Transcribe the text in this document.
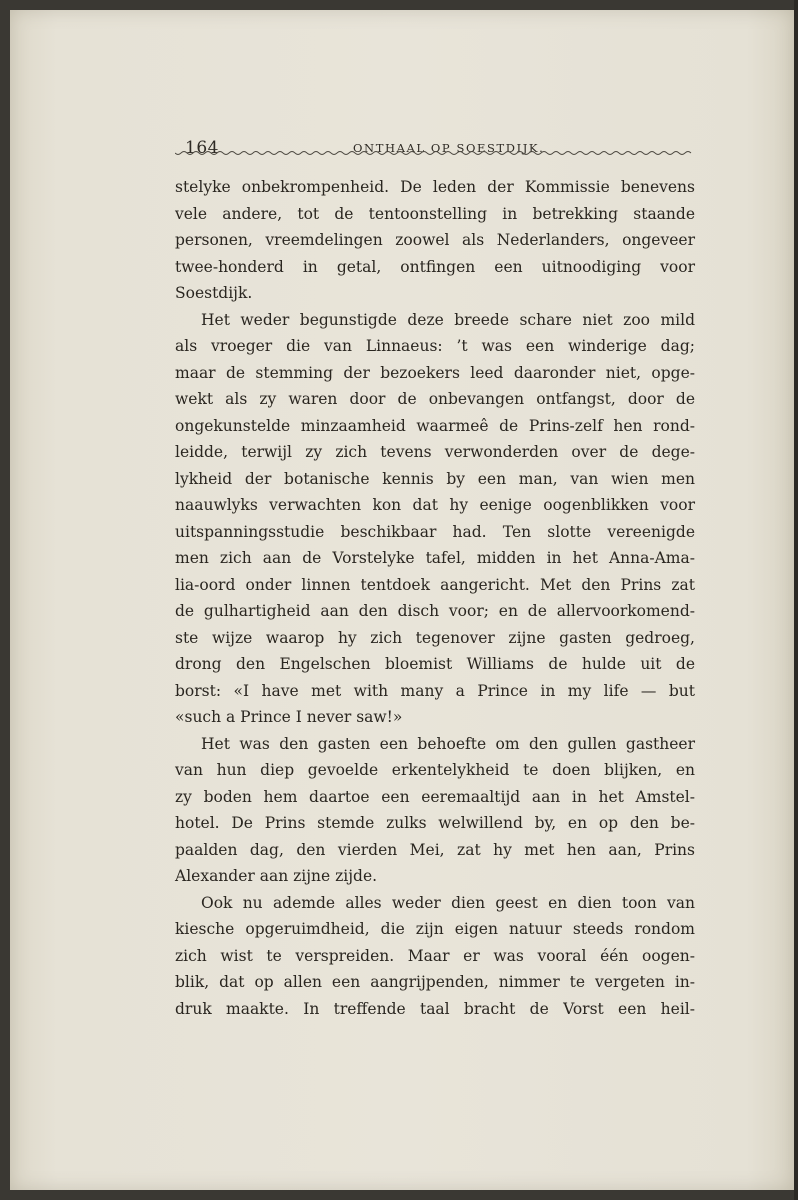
164	ONTHAAL OP SOESTDIJK.
stelyke onbekrompenheid. De leden der Kommissie benevens
vele andere, tot de tentoonstelling in betrekking staande
personen, vreemdelingen zoowel als Nederlanders, ongeveer
twee-honderd in getal, ontfingen een uitnoodiging voor
Soestdijk.
Het weder begunstigde deze breede schare niet zoo mild
als vroeger die van Linnaeus: ’t was een winderige dag;
maar de stemming der bezoekers leed daaronder niet, opge-
wekt als zy waren door de onbevangen ontfangst, door de
ongekunstelde minzaamheid waarmeê de Prins-zelf hen rond-
leidde, terwijl zy zich tevens verwonderden over de dege-
lykheid der botanische kennis by een man, van wien men
naauwlyks verwachten kon dat hy eenige oogenblikken voor
uitspanningsstudie beschikbaar had. Ten slotte vereenigde
men zich aan de Vorstelyke tafel, midden in het Anna-Ama-
lia-oord onder linnen tentdoek aangericht. Met den Prins zat
de gulhartigheid aan den disch voor; en de allervoorkomend-
ste wijze waarop hy zich tegenover zijne gasten gedroeg,
drong den Engelschen bloemist Williams de hulde uit de
borst: «I have met with many a Prince in my life — but
«such a Prince I never saw!»
Het was den gasten een behoefte om den gullen gastheer
van hun diep gevoelde erkentelykheid te doen blijken, en
zy boden hem daartoe een eeremaaltijd aan in het Amstel-
hotel. De Prins stemde zulks welwillend by, en op den be-
paalden dag, den vierden Mei, zat hy met hen aan, Prins
Alexander aan zijne zijde.
Ook nu ademde alles weder dien geest en dien toon van
kiesche opgeruimdheid, die zijn eigen natuur steeds rondom
zich wist te verspreiden. Maar er was vooral één oogen-
blik, dat op allen een aangrijpenden, nimmer te vergeten in-
druk maakte. In treffende taal bracht de Vorst een heil-
